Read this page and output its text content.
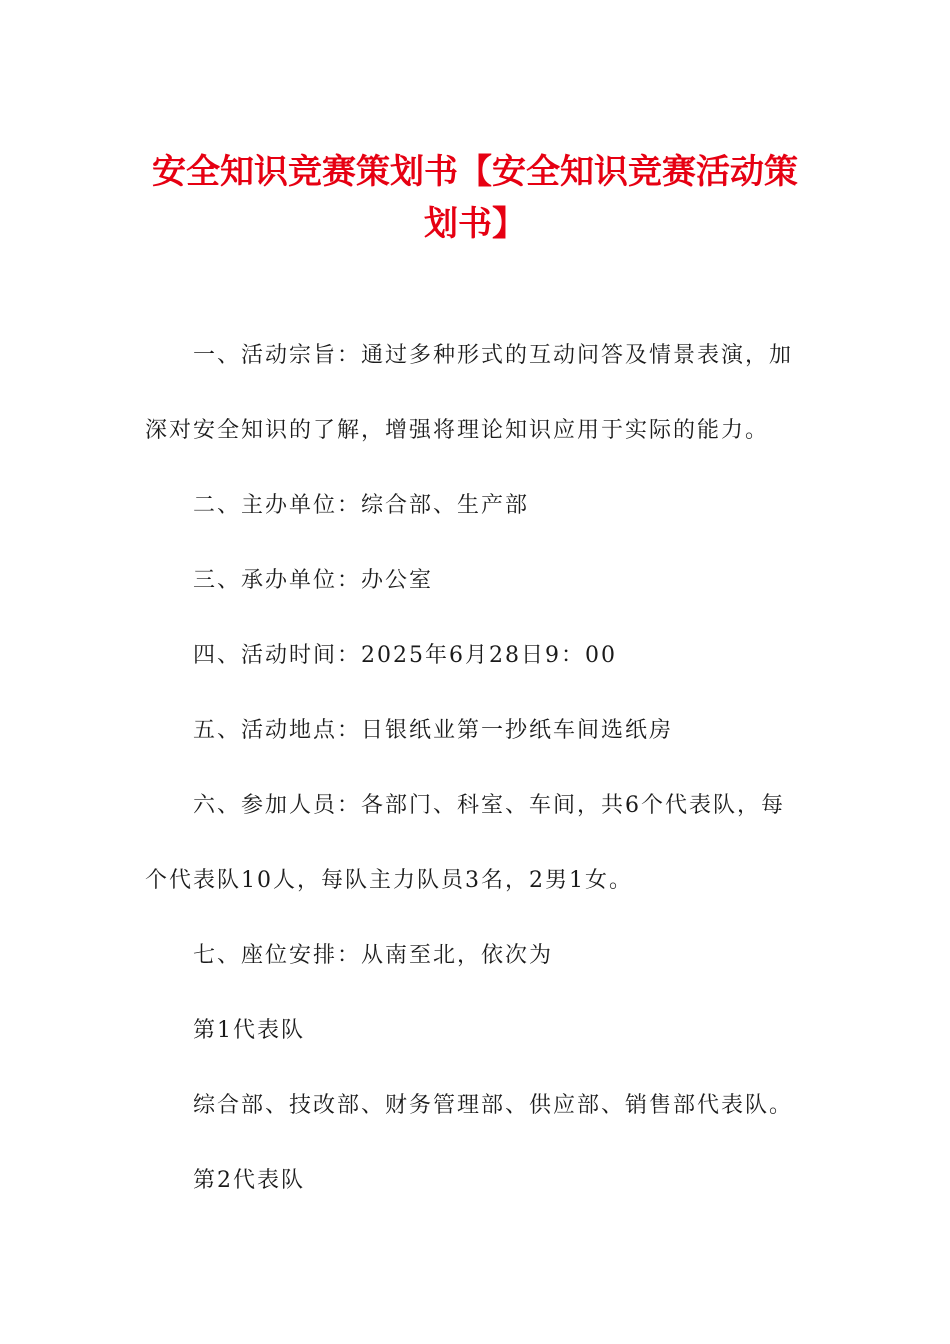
安全知识竞赛策划书【安全知识竞赛活动策划书】

一、活动宗旨：通过多种形式的互动问答及情景表演，加深对安全知识的了解，增强将理论知识应用于实际的能力。

二、主办单位：综合部、生产部

三、承办单位：办公室

四、活动时间：2025年6月28日9：00

五、活动地点：日银纸业第一抄纸车间选纸房

六、参加人员：各部门、科室、车间，共6个代表队，每个代表队10人，每队主力队员3名，2男1女。

七、座位安排：从南至北，依次为

第1代表队

综合部、技改部、财务管理部、供应部、销售部代表队。

第2代表队
